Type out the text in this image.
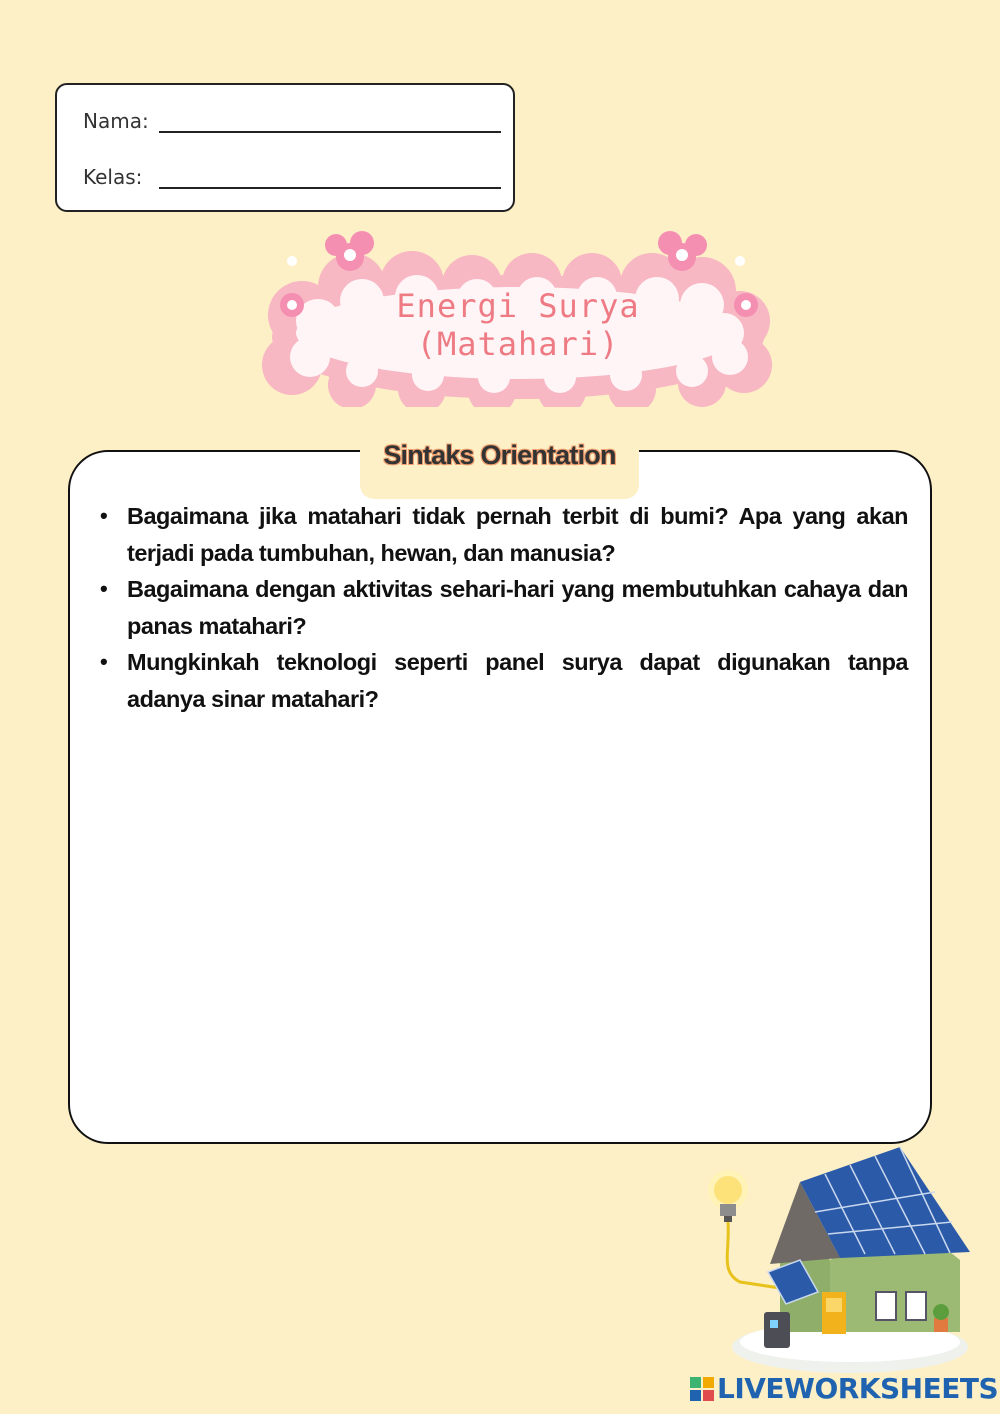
Nama:
Kelas:
Energi Surya
(Matahari)
Sintaks Orientation
• Bagaimana jika matahari tidak pernah terbit di bumi? Apa yang akan terjadi pada tumbuhan, hewan, dan manusia?
• Bagaimana dengan aktivitas sehari-hari yang membutuhkan cahaya dan panas matahari?
• Mungkinkah teknologi seperti panel surya dapat digunakan tanpa adanya sinar matahari?
LIVEWORKSHEETS
